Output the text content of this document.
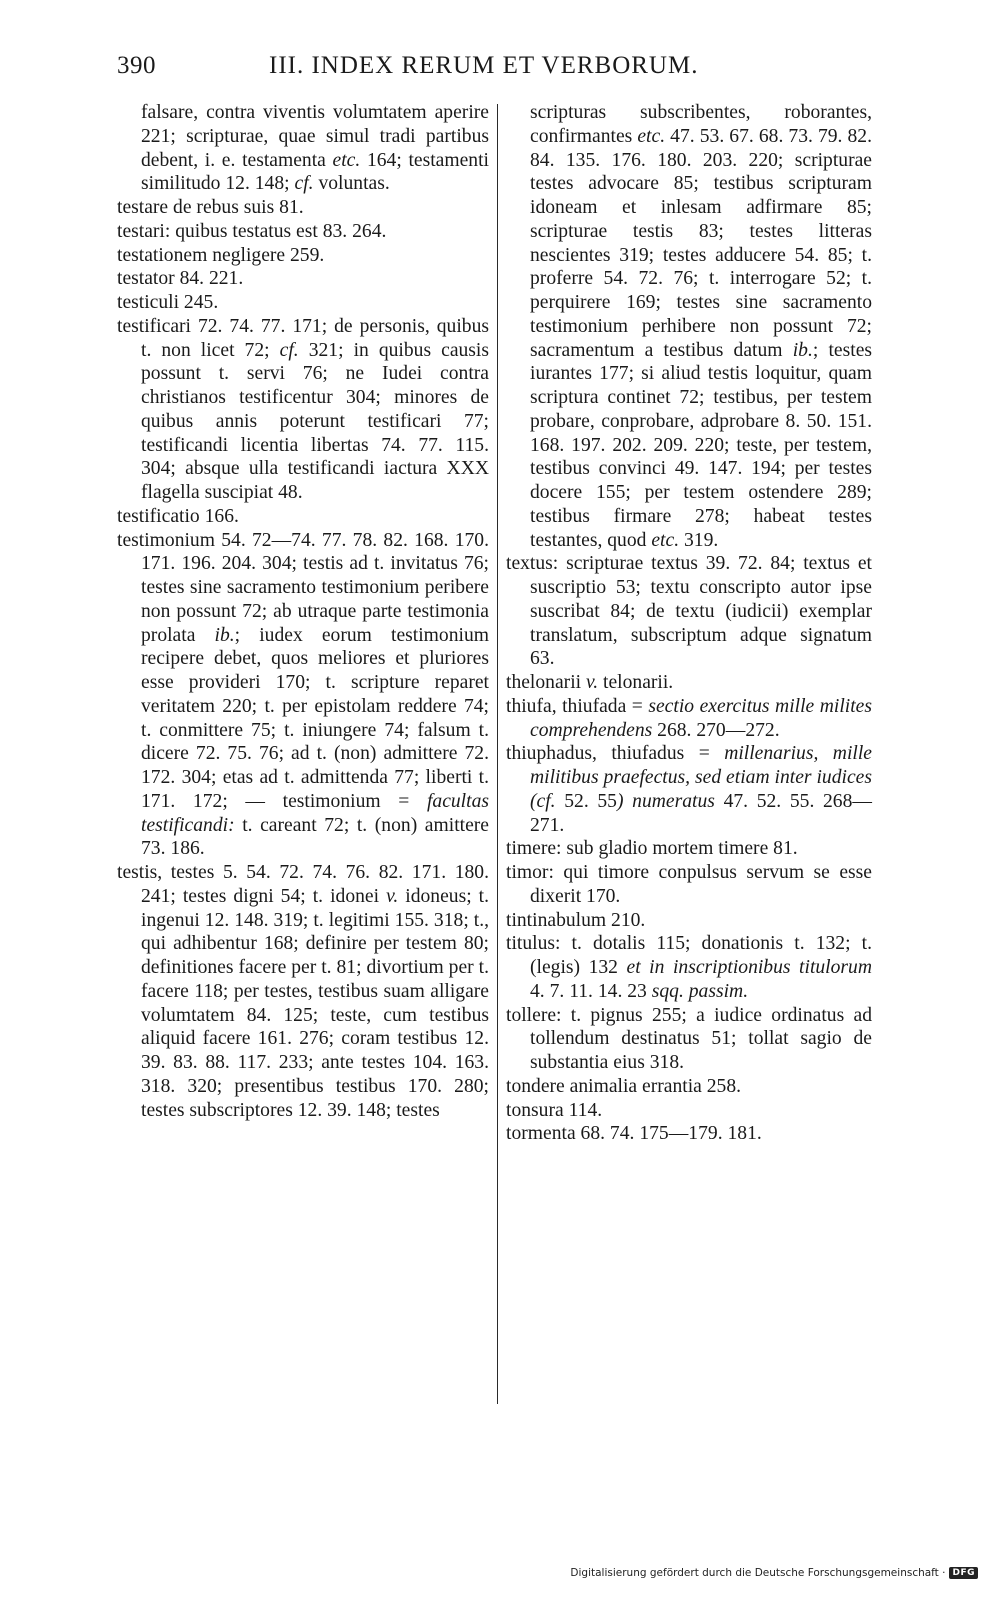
390	III. INDEX RERUM ET VERBORUM.

falsare, contra viventis volumtatem aperire 221; scripturae, quae simul tradi partibus debent, i. e. testamenta etc. 164; testamenti similitudo 12. 148; cf. voluntas.

testare de rebus suis 81.

testari: quibus testatus est 83. 264.

testationem negligere 259.

testator 84. 221.

testiculi 245.

testificari 72. 74. 77. 171; de personis, quibus t. non licet 72; cf. 321; in quibus causis possunt t. servi 76; ne Iudei contra christianos testificentur 304; minores de quibus annis poterunt testificari 77; testificandi licentia libertas 74. 77. 115. 304; absque ulla testificandi iactura XXX flagella suscipiat 48.

testificatio 166.

testimonium 54. 72—74. 77. 78. 82. 168. 170. 171. 196. 204. 304; testis ad t. invitatus 76; testes sine sacramento testimonium peribere non possunt 72; ab utraque parte testimonia prolata ib.; iudex eorum testimonium recipere debet, quos meliores et pluriores esse provideri 170; t. scripture reparet veritatem 220; t. per epistolam reddere 74; t. conmittere 75; t. iniungere 74; falsum t. dicere 72. 75. 76; ad t. (non) admittere 72. 172. 304; etas ad t. admittenda 77; liberti t. 171. 172; — testimonium = facultas testificandi: t. careant 72; t. (non) amittere 73. 186.

testis, testes 5. 54. 72. 74. 76. 82. 171. 180. 241; testes digni 54; t. idonei v. idoneus; t. ingenui 12. 148. 319; t. legitimi 155. 318; t., qui adhibentur 168; definire per testem 80; definitiones facere per t. 81; divortium per t. facere 118; per testes, testibus suam alligare volumtatem 84. 125; teste, cum testibus aliquid facere 161. 276; coram testibus 12. 39. 83. 88. 117. 233; ante testes 104. 163. 318. 320; presentibus testibus 170. 280; testes subscriptores 12. 39. 148; testes

scripturas subscribentes, roborantes, confirmantes etc. 47. 53. 67. 68. 73. 79. 82. 84. 135. 176. 180. 203. 220; scripturae testes advocare 85; testibus scripturam idoneam et inlesam adfirmare 85; scripturae testis 83; testes litteras nescientes 319; testes adducere 54. 85; t. proferre 54. 72. 76; t. interrogare 52; t. perquirere 169; testes sine sacramento testimonium perhibere non possunt 72; sacramentum a testibus datum ib.; testes iurantes 177; si aliud testis loquitur, quam scriptura continet 72; testibus, per testem probare, conprobare, adprobare 8. 50. 151. 168. 197. 202. 209. 220; teste, per testem, testibus convinci 49. 147. 194; per testes docere 155; per testem ostendere 289; testibus firmare 278; habeat testes testantes, quod etc. 319.

textus: scripturae textus 39. 72. 84; textus et suscriptio 53; textu conscripto autor ipse suscribat 84; de textu (iudicii) exemplar translatum, subscriptum adque signatum 63.

thelonarii v. telonarii.

thiufa, thiufada = sectio exercitus mille milites comprehendens 268. 270—272.

thiuphadus, thiufadus = millenarius, mille militibus praefectus, sed etiam inter iudices (cf. 52. 55) numeratus 47. 52. 55. 268—271.

timere: sub gladio mortem timere 81.

timor: qui timore conpulsus servum se esse dixerit 170.

tintinabulum 210.

titulus: t. dotalis 115; donationis t. 132; t. (legis) 132 et in inscriptionibus titulorum 4. 7. 11. 14. 23 sqq. passim.

tollere: t. pignus 255; a iudice ordinatus ad tollendum destinatus 51; tollat sagio de substantia eius 318.

tondere animalia errantia 258.

tonsura 114.

tormenta 68. 74. 175—179. 181.

Digitalisierung gefördert durch die Deutsche Forschungsgemeinschaft · DFG
